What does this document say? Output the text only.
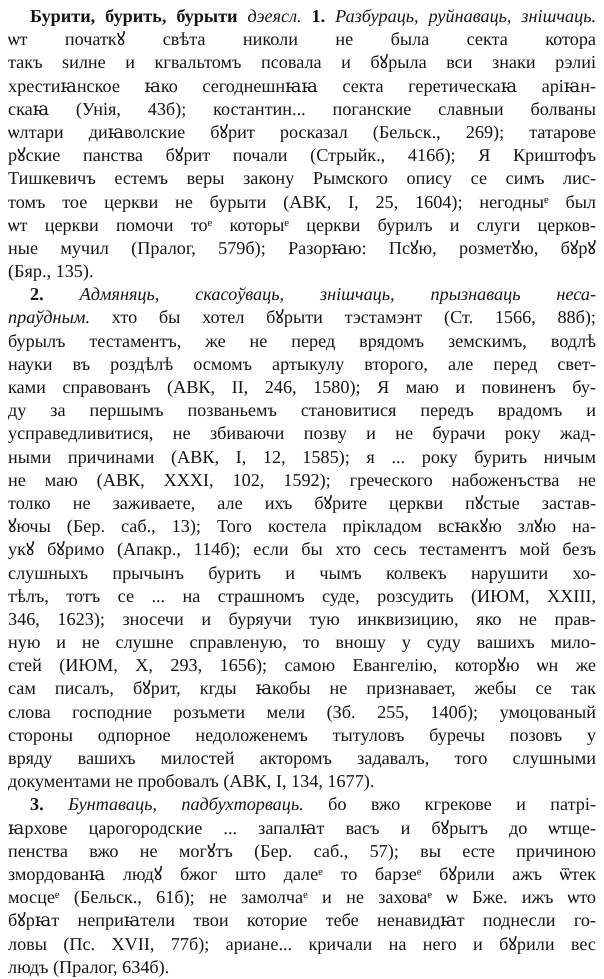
Бурити, бурить, бурыти дэеясл. 1. Разбураць, руйнаваць, знішчаць.
ѡт початкꙋ свѣта николи не была секта котора
такъ ѕилне и кгвальтомъ псовала и бꙋрыла вси знаки рэлиі
хрестиꙗнское ꙗко сегоднешнꙗꙗ секта геретическаꙗ аріꙗн-
скаꙗ (Унія, 43б); костантин... поганские славныи болваны
ѡлтари диꙗволские бꙋрит росказал (Бельск., 269); татарове
рꙋские панства бꙋрит почали (Стрыйк., 416б); Я Криштофъ
Тишкевичъ естемъ веры закону Рымского опису се симъ лис-
томъ тое церкви не бурыти (АВК, I, 25, 1604); негодныᵉ был
ѡт церкви помочи тоᵉ которыᵉ церкви бурилъ и слуги церков-
ные мучил (Пралог, 579б); Разорꙗю: Псꙋю, розметꙋю, бꙋрꙋ
(Бяр., 135).
2. Адмяняць, скасоўваць, знішчаць, прызнаваць неса-
праўдным. хто бы хотел бꙋрыти тэстамэнт (Ст. 1566, 88б);
бурылъ тестаментъ, же не перед врядомъ земскимъ, водлѣ
науки въ роздѣлѣ осмомъ артыкулу второго, але перед свет-
ками справованъ (АВК, II, 246, 1580); Я маю и повиненъ бу-
ду за першымъ позваньемъ становитися передъ врадомъ и
усправедливитися, не збиваючи позву и не бурачи року жад-
ными причинами (АВК, I, 12, 1585); я ... року бурить ничым
не маю (АВК, XXXI, 102, 1592); греческого набоженъства не
толко не заживаете, але ихъ бꙋрите церкви пꙋстые застав-
ꙋючы (Бер. саб., 13); Того костела прікладом всꙗкꙋю злꙋю на-
укꙋ бꙋримо (Апакр., 114б); если бы хто сесь тестаментъ мой безъ
слушныхъ прычынъ бурить и чымъ колвекъ нарушити хо-
тѣлъ, тотъ се ... на страшномъ суде, розсудить (ИЮМ, XXIII,
346, 1623); зносечи и буряучи тую инквизицию, яко не прав-
ную и не слушне справленую, то вношу у суду вашихъ мило-
стей (ИЮМ, X, 293, 1656); самою Евангелію, которꙋю ѡн же
сам писалъ, бꙋрит, кгды ꙗкобы не признавает, жебы се так
слова господние розъмети мели (Зб. 255, 140б); умоцованый
стороны одпорное недоложенемъ тытуловъ буречы позовъ у
вряду вашихъ милостей акторомъ задавалъ, того слушными
документами не пробовалъ (АВК, I, 134, 1677).
3. Бунтаваць, падбухторваць. бо вжо кгрекове и патрі-
ꙗрхове царогородские ... запалꙗт васъ и бꙋрытъ до ѡтще-
пенства вжо не могꙋтъ (Бер. саб., 57); вы есте причиною
змордованꙗ людꙋ бжог што далеᵉ то барзеᵉ бꙋрили ажъ ѿтек
мосцеᵉ (Бельск., 61б); не замолчаᵉ и не заховаᵉ ѡ Бже. ижъ ѡто
бꙋрꙗт неприꙗтели твои которие тебе ненавидꙗт поднесли го-
ловы (Пс. XVII, 77б); ариане... кричали на него и бꙋрили вес
людъ (Пралог, 634б).
